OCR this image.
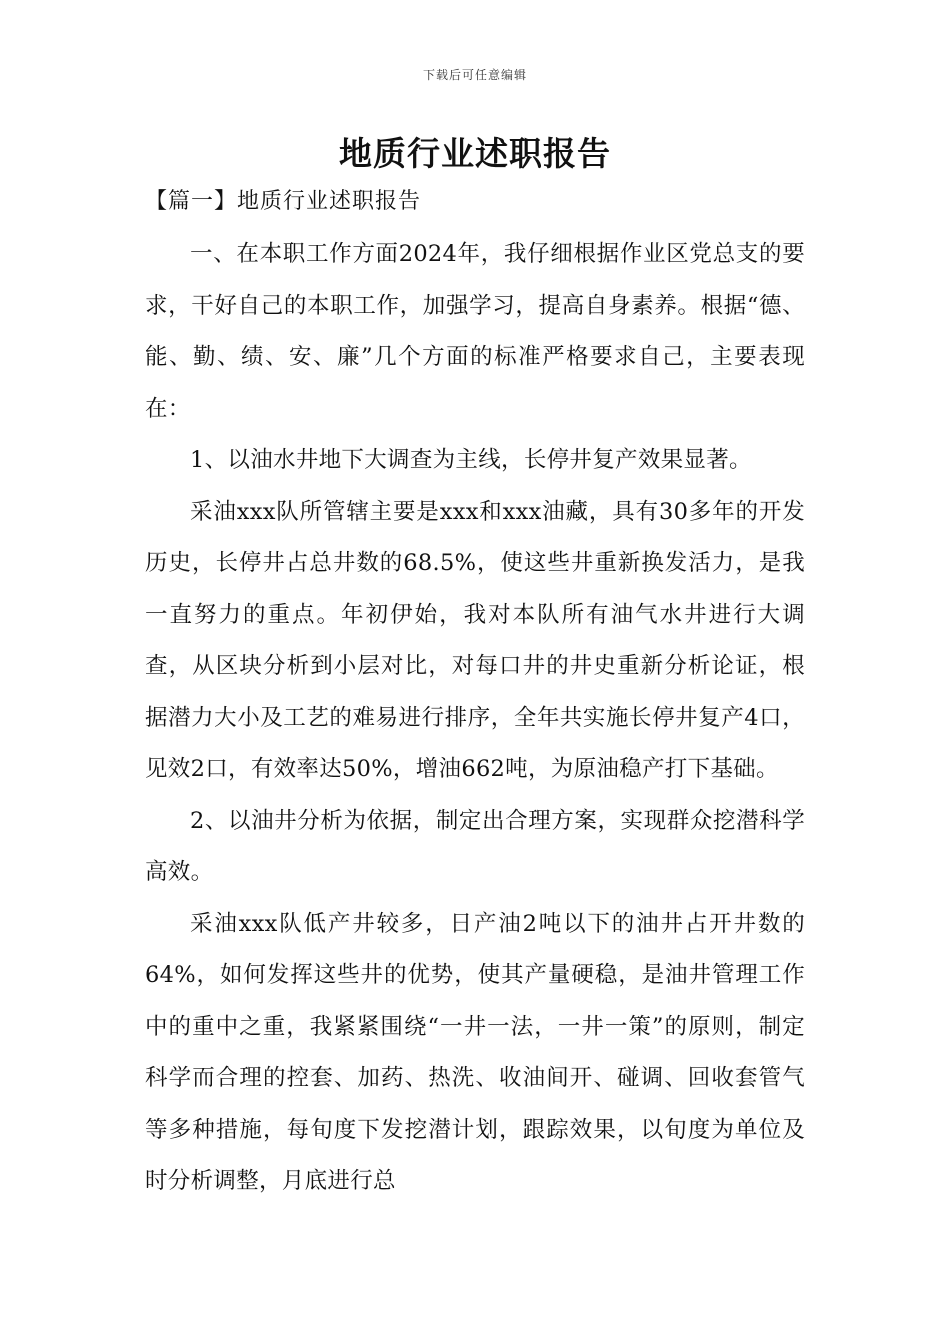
下载后可任意编辑
地质行业述职报告
【篇一】地质行业述职报告

一、在本职工作方面2024年，我仔细根据作业区党总支的要求，干好自己的本职工作，加强学习，提高自身素养。根据“德、能、勤、绩、安、廉”几个方面的标准严格要求自己，主要表现在：

1、以油水井地下大调查为主线，长停井复产效果显著。

采油xxx队所管辖主要是xxx和xxx油藏，具有30多年的开发历史，长停井占总井数的68.5%，使这些井重新换发活力，是我一直努力的重点。年初伊始，我对本队所有油气水井进行大调查，从区块分析到小层对比，对每口井的井史重新分析论证，根据潜力大小及工艺的难易进行排序，全年共实施长停井复产4口，见效2口，有效率达50%，增油662吨，为原油稳产打下基础。

2、以油井分析为依据，制定出合理方案，实现群众挖潜科学高效。

采油xxx队低产井较多，日产油2吨以下的油井占开井数的64%，如何发挥这些井的优势，使其产量硬稳，是油井管理工作中的重中之重，我紧紧围绕“一井一法，一井一策”的原则，制定科学而合理的控套、加药、热洗、收油间开、碰调、回收套管气等多种措施，每旬度下发挖潜计划，跟踪效果，以旬度为单位及时分析调整，月底进行总
